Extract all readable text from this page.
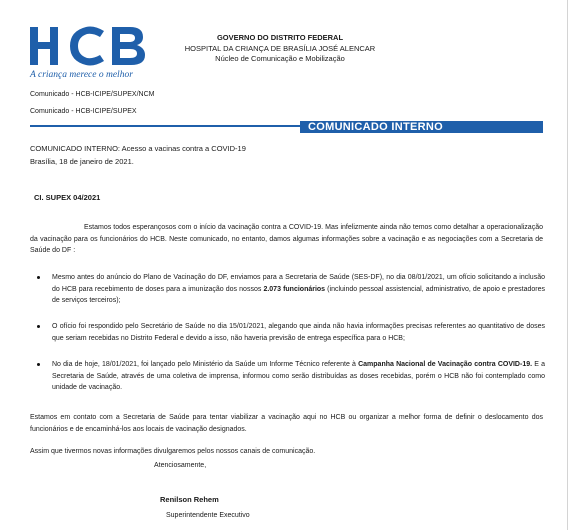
A criança merece o melhor
GOVERNO DO DISTRITO FEDERAL
HOSPITAL DA CRIANÇA DE BRASÍLIA JOSÉ ALENCAR
Núcleo de Comunicação e Mobilização
Comunicado - HCB-ICIPE/SUPEX/NCM
Comunicado - HCB-ICIPE/SUPEX
COMUNICADO INTERNO
COMUNICADO INTERNO: Acesso a vacinas contra a COVID-19
Brasília, 18 de janeiro de 2021.
CI. SUPEX 04/2021

Estamos todos esperançosos com o início da vacinação contra a COVID-19. Mas infelizmente ainda não temos como detalhar a operacionalização da vacinação para os funcionários do HCB. Neste comunicado, no entanto, damos algumas informações sobre a vacinação e as negociações com a Secretaria de Saúde do DF :

Mesmo antes do anúncio do Plano de Vacinação do DF, enviamos para a Secretaria de Saúde (SES-DF), no dia 08/01/2021, um ofício solicitando a inclusão do HCB para recebimento de doses para a imunização dos nossos 2.073 funcionários (incluindo pessoal assistencial, administrativo, de apoio e prestadores de serviços terceiros);

O ofício foi respondido pelo Secretário de Saúde no dia 15/01/2021, alegando que ainda não havia informações precisas referentes ao quantitativo de doses que seriam recebidas no Distrito Federal e devido a isso, não haveria previsão de entrega específica para o HCB;

No dia de hoje, 18/01/2021, foi lançado pelo Ministério da Saúde um Informe Técnico referente à Campanha Nacional de Vacinação contra COVID-19. E a Secretaria de Saúde, através de uma coletiva de imprensa, informou como serão distribuídas as doses recebidas, porém o HCB não foi contemplado como unidade de vacinação.

Estamos em contato com a Secretaria de Saúde para tentar viabilizar a vacinação aqui no HCB ou organizar a melhor forma de definir o deslocamento dos funcionários e de encaminhá-los aos locais de vacinação designados.

Assim que tivermos novas informações divulgaremos pelos nossos canais de comunicação.

Atenciosamente,
Renilson Rehem
Superintendente Executivo
